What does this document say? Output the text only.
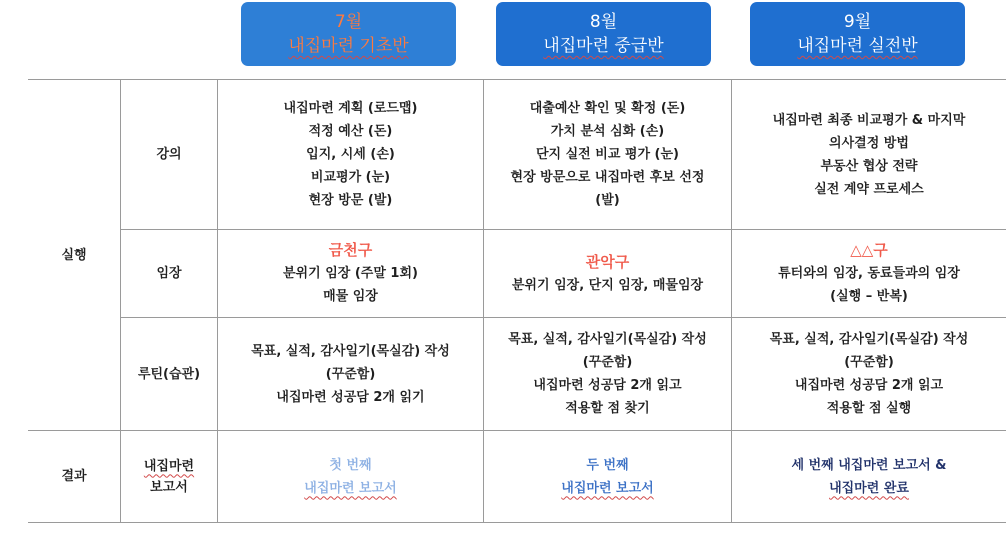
7월
내집마련 기초반
8월
내집마련 중급반
9월
내집마련 실전반
실행
강의
임장
루틴(습관)
결과
내집마련
보고서
내집마련 계획 (로드맵)
적정 예산 (돈)
입지, 시세 (손)
비교평가 (눈)
현장 방문 (발)
대출예산 확인 및 확정 (돈)
가치 분석 심화 (손)
단지 실전 비교 평가 (눈)
현장 방문으로 내집마련 후보 선정
(발)
내집마련 최종 비교평가 & 마지막
의사결정 방법
부동산 협상 전략
실전 계약 프로세스
금천구
분위기 임장 (주말 1회)
매물 임장
관악구
분위기 임장, 단지 임장, 매물임장
△△구
튜터와의 임장, 동료들과의 임장
(실행 – 반복)
목표, 실적, 감사일기(목실감) 작성
(꾸준함)
내집마련 성공담 2개 읽기
목표, 실적, 감사일기(목실감) 작성
(꾸준함)
내집마련 성공담 2개 읽고
적용할 점 찾기
목표, 실적, 감사일기(목실감) 작성
(꾸준함)
내집마련 성공담 2개 읽고
적용할 점 실행
첫 번째
내집마련 보고서
두 번째
내집마련 보고서
세 번째 내집마련 보고서 &
내집마련 완료
